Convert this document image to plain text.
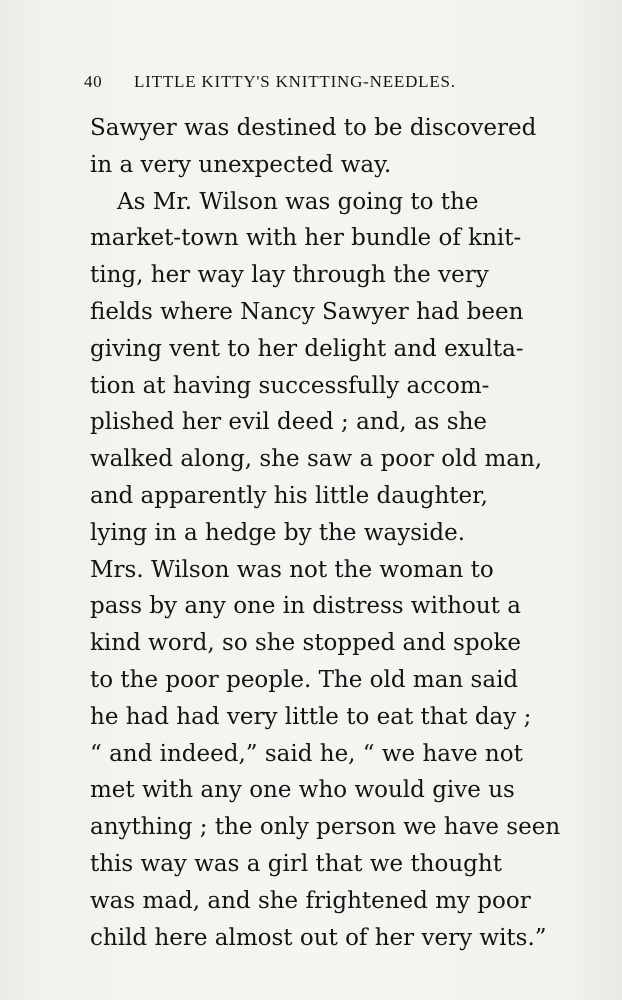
40 LITTLE KITTY'S KNITTING-NEEDLES.
Sawyer was destined to be discovered
in a very unexpected way.
As Mr. Wilson was going to the
market-town with her bundle of knit-
ting, her way lay through the very
fields where Nancy Sawyer had been
giving vent to her delight and exulta-
tion at having successfully accom-
plished her evil deed ; and, as she
walked along, she saw a poor old man,
and apparently his little daughter,
lying in a hedge by the wayside.
Mrs. Wilson was not the woman to
pass by any one in distress without a
kind word, so she stopped and spoke
to the poor people. The old man said
he had had very little to eat that day ;
“ and indeed,” said he, “ we have not
met with any one who would give us
anything ; the only person we have seen
this way was a girl that we thought
was mad, and she frightened my poor
child here almost out of her very wits.”
